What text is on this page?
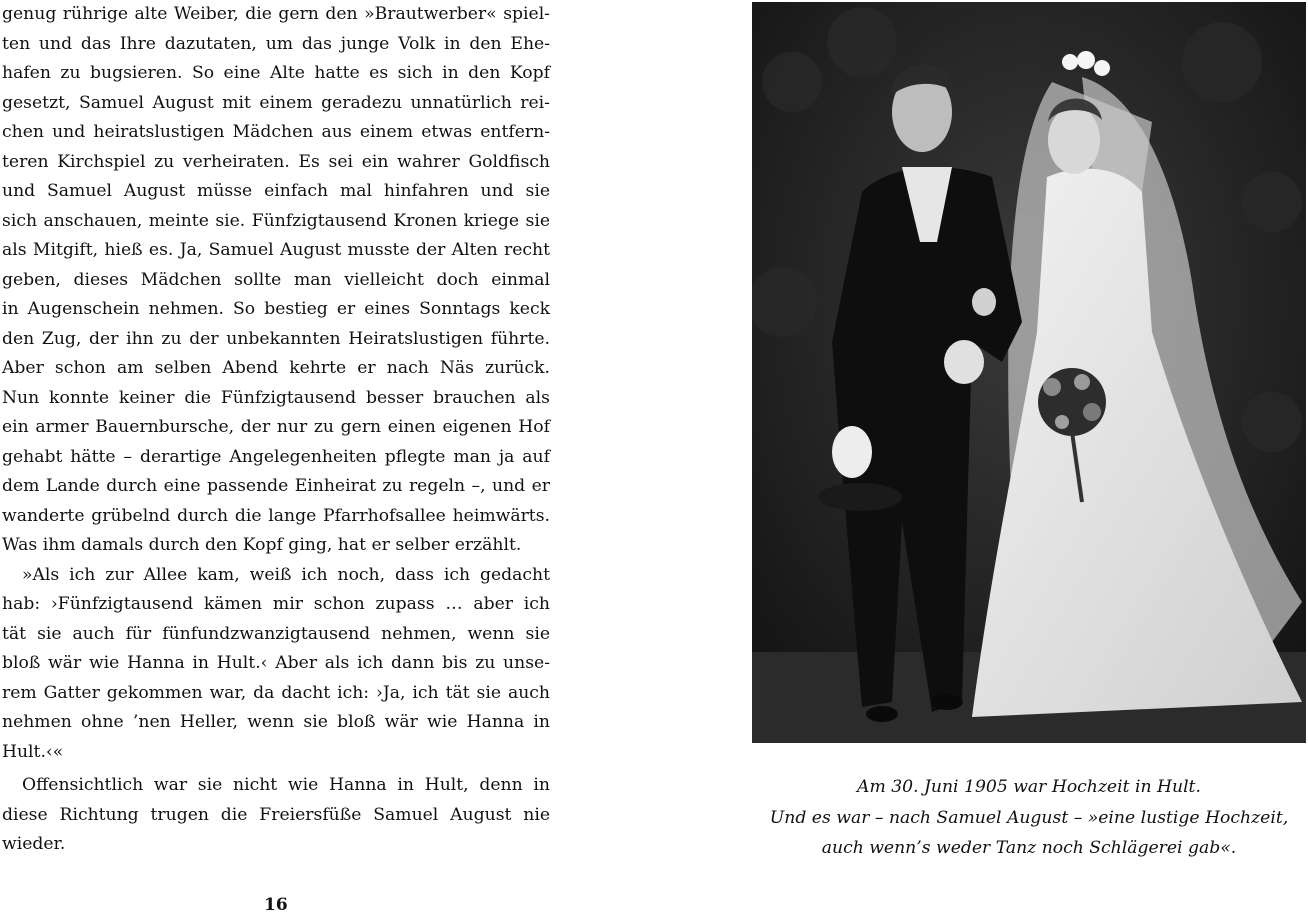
genug rührige alte Weiber, die gern den »Brautwerber« spiel-
ten und das Ihre dazutaten, um das junge Volk in den Ehe-
hafen zu bugsieren. So eine Alte hatte es sich in den Kopf
gesetzt, Samuel August mit einem geradezu unnatürlich rei-
chen und heiratslustigen Mädchen aus einem etwas entfern-
teren Kirchspiel zu verheiraten. Es sei ein wahrer Goldfisch
und Samuel August müsse einfach mal hinfahren und sie
sich anschauen, meinte sie. Fünfzigtausend Kronen kriege sie
als Mitgift, hieß es. Ja, Samuel August musste der Alten recht
geben, dieses Mädchen sollte man vielleicht doch einmal
in Augenschein nehmen. So bestieg er eines Sonntags keck
den Zug, der ihn zu der unbekannten Heiratslustigen führte.
Aber schon am selben Abend kehrte er nach Näs zurück.
Nun konnte keiner die Fünfzigtausend besser brauchen als
ein armer Bauernbursche, der nur zu gern einen eigenen Hof
gehabt hätte – derartige Angelegenheiten pflegte man ja auf
dem Lande durch eine passende Einheirat zu regeln –, und er
wanderte grübelnd durch die lange Pfarrhofsallee heimwärts.
Was ihm damals durch den Kopf ging, hat er selber erzählt.
»Als ich zur Allee kam, weiß ich noch, dass ich gedacht
hab: ›Fünfzigtausend kämen mir schon zupass … aber ich
tät sie auch für fünfundzwanzigtausend nehmen, wenn sie
bloß wär wie Hanna in Hult.‹ Aber als ich dann bis zu unse-
rem Gatter gekommen war, da dacht ich: ›Ja, ich tät sie auch
nehmen ohne ’nen Heller, wenn sie bloß wär wie Hanna in
Hult.‹«
Offensichtlich war sie nicht wie Hanna in Hult, denn in
diese Richtung trugen die Freiersfüße Samuel August nie
wieder.
16
Am 30. Juni 1905 war Hochzeit in Hult.
Und es war – nach Samuel August – »eine lustige Hochzeit,
auch wenn’s weder Tanz noch Schlägerei gab«.
